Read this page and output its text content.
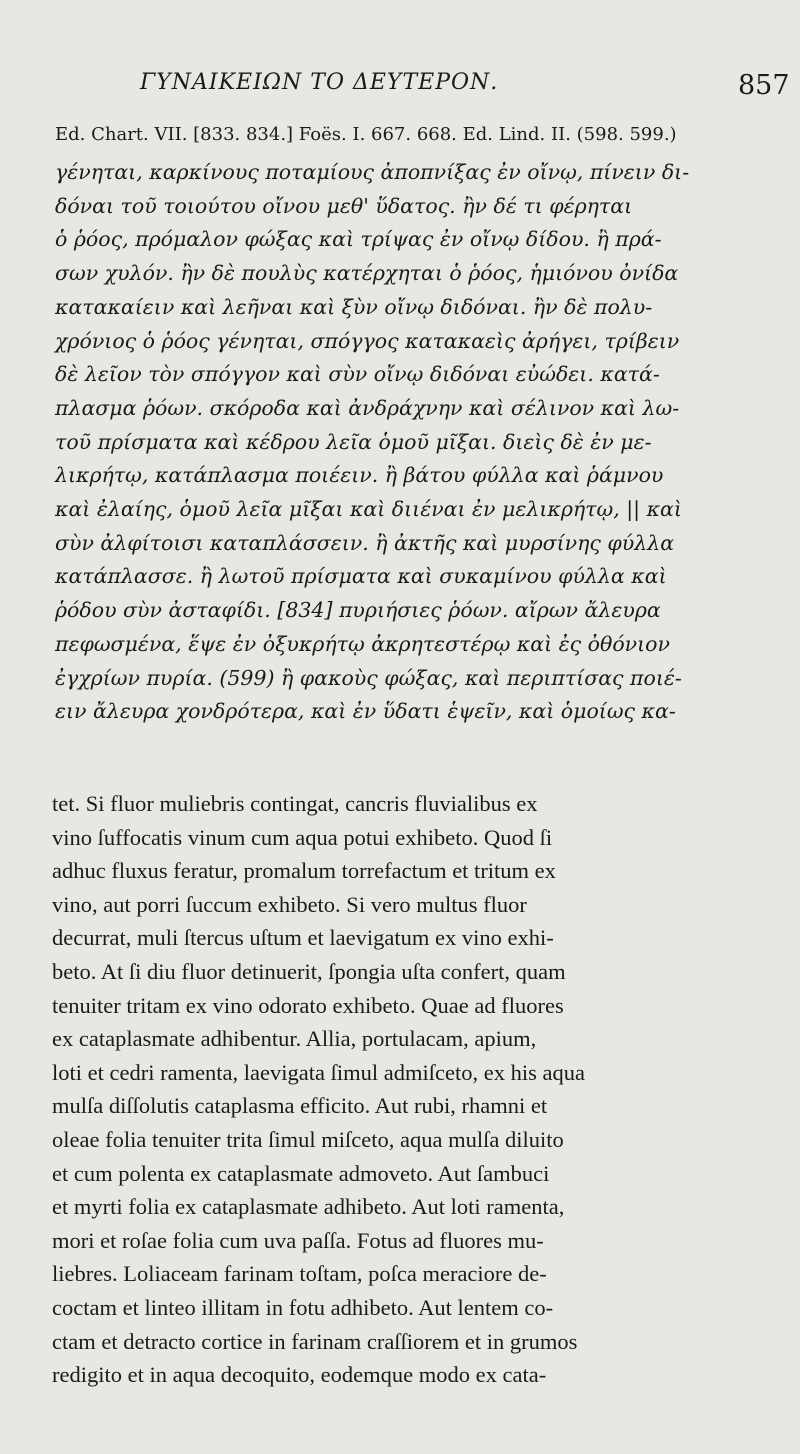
ΓΥΝΑΙΚΕΙΩΝ ΤΟ ΔΕΥΤΕΡΟΝ.	857
Ed. Chart. VII. [833. 834.] Foës. I. 667. 668. Ed. Lind. II. (598. 599.)
γένηται, καρκίνους ποταμίους ἀποπνίξας ἐν οἴνῳ, πίνειν δι-
δόναι τοῦ τοιούτου οἴνου μεθ' ὕδατος. ἢν δέ τι φέρηται
ὁ ῥόος, πρόμαλον φώξας καὶ τρίψας ἐν οἴνῳ δίδου. ἢ πρά-
σων χυλόν. ἢν δὲ πουλὺς κατέρχηται ὁ ῥόος, ἡμιόνου ὀνίδα
κατακαίειν καὶ λεῆναι καὶ ξὺν οἴνῳ διδόναι. ἢν δὲ πολυ-
χρόνιος ὁ ῥόος γένηται, σπόγγος κατακαεὶς ἀρήγει, τρίβειν
δὲ λεῖον τὸν σπόγγον καὶ σὺν οἴνῳ διδόναι εὐώδει. κατά-
πλασμα ῥόων. σκόροδα καὶ ἀνδράχνην καὶ σέλινον καὶ λω-
τοῦ πρίσματα καὶ κέδρου λεῖα ὁμοῦ μῖξαι. διεὶς δὲ ἐν με-
λικρήτῳ, κατάπλασμα ποιέειν. ἢ βάτου φύλλα καὶ ῥάμνου
καὶ ἐλαίης, ὁμοῦ λεῖα μῖξαι καὶ διιέναι ἐν μελικρήτῳ, || καὶ
σὺν ἀλφίτοισι καταπλάσσειν. ἢ ἀκτῆς καὶ μυρσίνης φύλλα
κατάπλασσε. ἢ λωτοῦ πρίσματα καὶ συκαμίνου φύλλα καὶ
ῥόδου σὺν ἀσταφίδι. [834] πυριήσιες ῥόων. αἴρων ἄλευρα
πεφωσμένα, ἕψε ἐν ὀξυκρήτῳ ἀκρητεστέρῳ καὶ ἐς ὀθόνιον
ἐγχρίων πυρία. (599) ἢ φακοὺς φώξας, καὶ περιπτίσας ποιέ-
ειν ἄλευρα χονδρότερα, καὶ ἐν ὕδατι ἑψεῖν, καὶ ὁμοίως κα-
tet. Si fluor muliebris contingat, cancris fluvialibus ex
vino ſuffocatis vinum cum aqua potui exhibeto. Quod ſi
adhuc fluxus feratur, promalum torrefactum et tritum ex
vino, aut porri ſuccum exhibeto. Si vero multus fluor
decurrat, muli ſtercus uſtum et laevigatum ex vino exhi-
beto. At ſi diu fluor detinuerit, ſpongia uſta confert, quam
tenuiter tritam ex vino odorato exhibeto. Quae ad fluores
ex cataplasmate adhibentur. Allia, portulacam, apium,
loti et cedri ramenta, laevigata ſimul admiſceto, ex his aqua
mulſa diſſolutis cataplasma efficito. Aut rubi, rhamni et
oleae folia tenuiter trita ſimul miſceto, aqua mulſa diluito
et cum polenta ex cataplasmate admoveto. Aut ſambuci
et myrti folia ex cataplasmate adhibeto. Aut loti ramenta,
mori et roſae folia cum uva paſſa. Fotus ad fluores mu-
liebres. Loliaceam farinam toſtam, poſca meraciore de-
coctam et linteo illitam in fotu adhibeto. Aut lentem co-
ctam et detracto cortice in farinam craſſiorem et in grumos
redigito et in aqua decoquito, eodemque modo ex cata-
